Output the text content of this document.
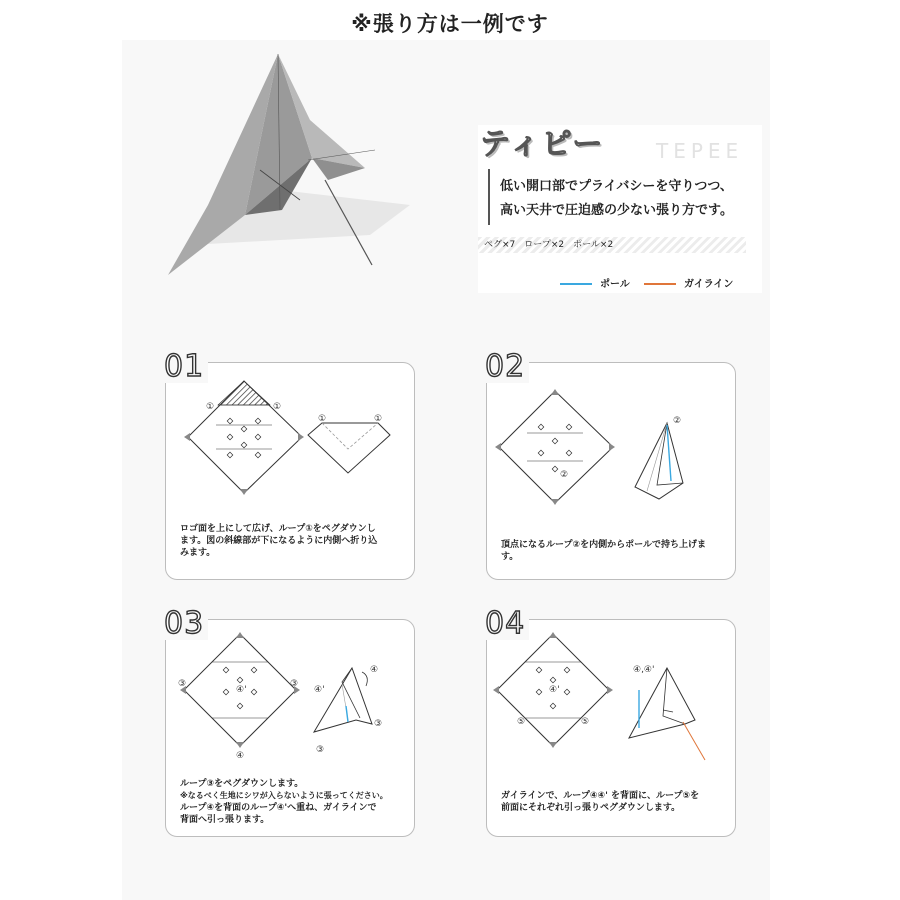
※張り方は一例です
TEPEE
ティピー
低い開口部でプライバシーを守りつつ、
高い天井で圧迫感の少ない張り方です。
ペグ×7　ロープ×2　ポール×2
ポール	ガイライン
①	①
①	①
ロゴ面を上にして広げ、ループ①をペグダウンし
ます。図の斜線部が下になるように内側へ折り込
みます。
01
②
②
頂点になるループ②を内側からポールで持ち上げま
す。
02
③	③
④'
④
④
④'
③
③
ループ③をペグダウンします。
※なるべく生地にシワが入らないように張ってください。
ループ④を背面のループ④'へ重ね、ガイラインで
背面へ引っ張ります。
03
④'
⑤	⑤
④,④'
ガイラインで、ループ④④' を背面に、ループ⑤を
前面にそれぞれ引っ張りペグダウンします。
04
